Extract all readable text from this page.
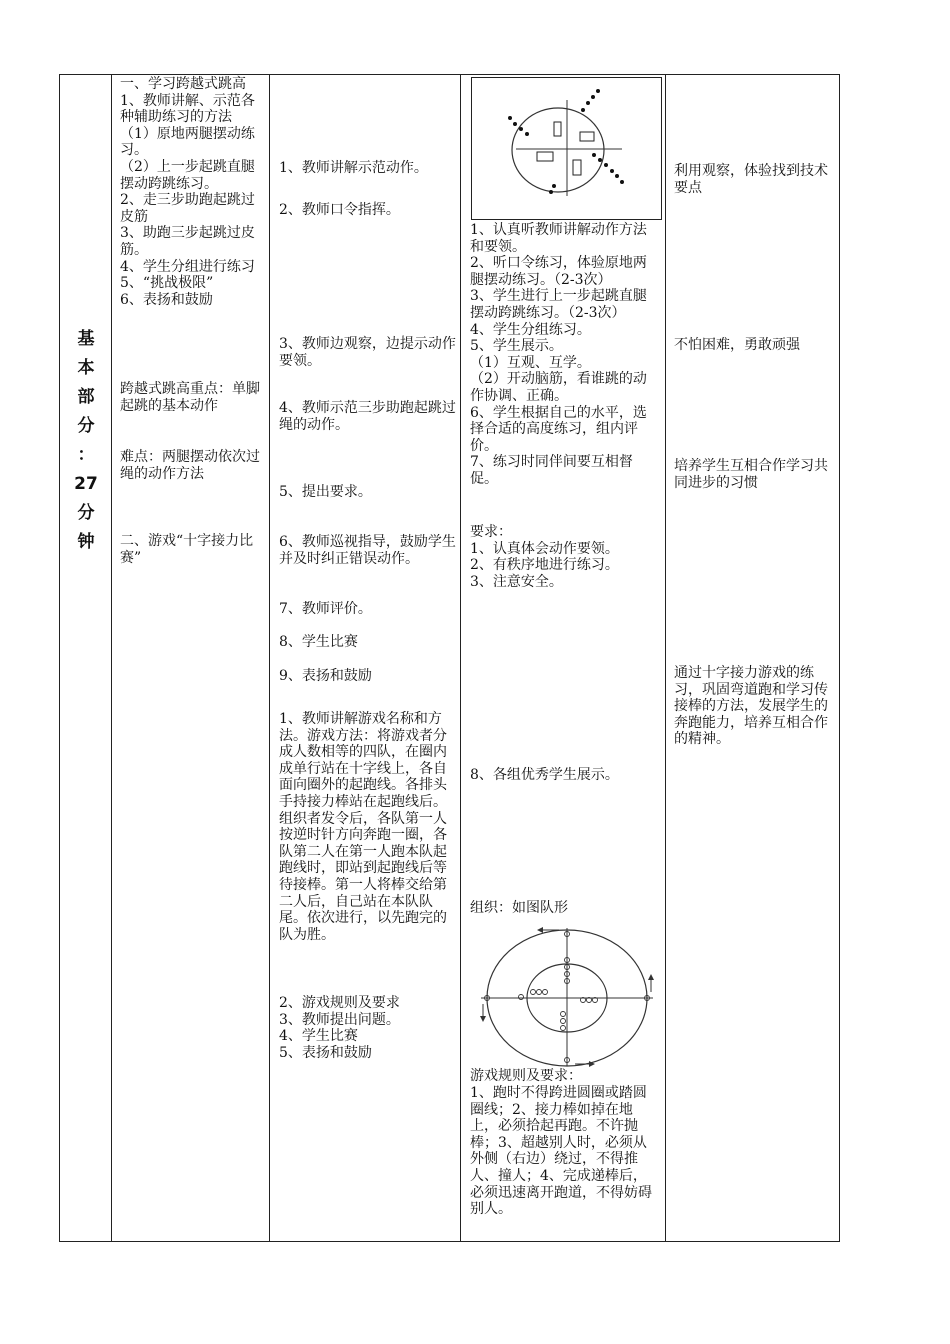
基
本
部
分
：
27
分
钟
一、学习跨越式跳高
1、教师讲解、示范各种辅助练习的方法
（1）原地两腿摆动练习。
（2）上一步起跳直腿摆动跨跳练习。
2、走三步助跑起跳过皮筋
3、助跑三步起跳过皮筋。
4、学生分组进行练习
5、“挑战极限”
6、表扬和鼓励
跨越式跳高重点：单脚起跳的基本动作
难点：两腿摆动依次过绳的动作方法
二、游戏“十字接力比赛”
1、教师讲解示范动作。
2、教师口令指挥。
3、教师边观察，边提示动作要领。
4、教师示范三步助跑起跳过绳的动作。
5、提出要求。
6、教师巡视指导，鼓励学生并及时纠正错误动作。
7、教师评价。
8、学生比赛
9、表扬和鼓励
1、教师讲解游戏名称和方法。游戏方法：将游戏者分成人数相等的四队，在圈内成单行站在十字线上，各自面向圈外的起跑线。各排头手持接力棒站在起跑线后。组织者发令后，各队第一人按逆时针方向奔跑一圈，各队第二人在第一人跑本队起跑线时，即站到起跑线后等待接棒。第一人将棒交给第二人后，自己站在本队队尾。依次进行，以先跑完的队为胜。
2、游戏规则及要求
3、教师提出问题。
4、学生比赛
5、表扬和鼓励
1、认真听教师讲解动作方法和要领。
2、听口令练习，体验原地两腿摆动练习。（2-3次）
3、学生进行上一步起跳直腿摆动跨跳练习。（2-3次）
4、学生分组练习。
5、学生展示。
（1）互观、互学。
（2）开动脑筋，看谁跳的动作协调、正确。
6、学生根据自己的水平，选择合适的高度练习，组内评价。
7、练习时同伴间要互相督促。
要求：
1、认真体会动作要领。
2、有秩序地进行练习。
3、注意安全。
8、各组优秀学生展示。
组织：如图队形
游戏规则及要求：
1、跑时不得跨进圆圈或踏圆圈线；2、接力棒如掉在地上，必须拾起再跑。不许抛棒；3、超越别人时，必须从外侧（右边）绕过，不得推人、撞人；4、完成递棒后，必须迅速离开跑道，不得妨碍别人。
利用观察，体验找到技术要点
不怕困难，勇敢顽强
培养学生互相合作学习共同进步的习惯
通过十字接力游戏的练习，巩固弯道跑和学习传接棒的方法，发展学生的奔跑能力，培养互相合作的精神。
